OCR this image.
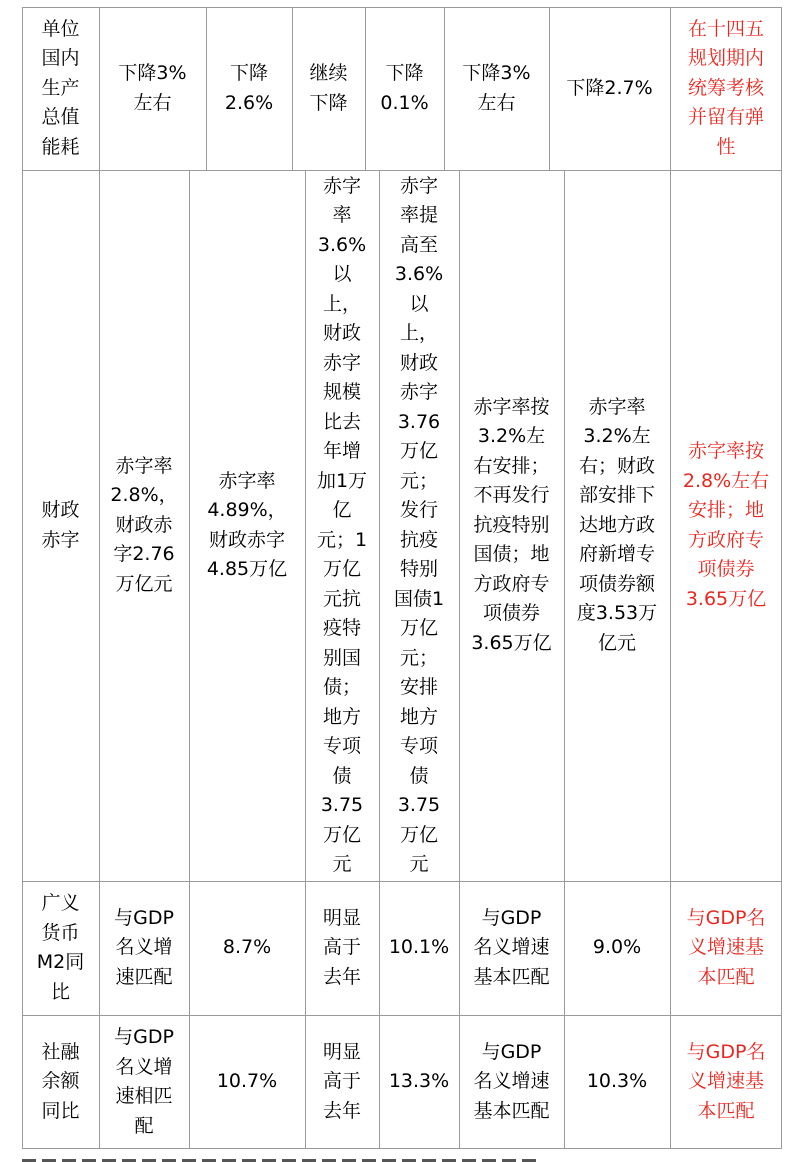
单位
国内
生产
总值
能耗
下降3%
左右
下降
2.6%
继续
下降
下降
0.1%
下降3%
左右
下降2.7%
在十四五
规划期内
统筹考核
并留有弹
性
财政
赤字
赤字率
2.8%，
财政赤
字2.76
万亿元
赤字率
4.89%，
财政赤字
4.85万亿
赤字
率
3.6%
以
上，
财政
赤字
规模
比去
年增
加1万
亿
元；1
万亿
元抗
疫特
别国
债；
地方
专项
债
3.75
万亿
元
赤字
率提
高至
3.6%
以
上，
财政
赤字
3.76
万亿
元；
发行
抗疫
特别
国债1
万亿
元；
安排
地方
专项
债
3.75
万亿
元
赤字率按
3.2%左
右安排；
不再发行
抗疫特别
国债；地
方政府专
项债券
3.65万亿
赤字率
3.2%左
右；财政
部安排下
达地方政
府新增专
项债券额
度3.53万
亿元
赤字率按
2.8%左右
安排；地
方政府专
项债券
3.65万亿
广义
货币
M2同
比
与GDP
名义增
速匹配
8.7%
明显
高于
去年
10.1%
与GDP
名义增速
基本匹配
9.0%
与GDP名
义增速基
本匹配
社融
余额
同比
与GDP
名义增
速相匹
配
10.7%
明显
高于
去年
13.3%
与GDP
名义增速
基本匹配
10.3%
与GDP名
义增速基
本匹配
